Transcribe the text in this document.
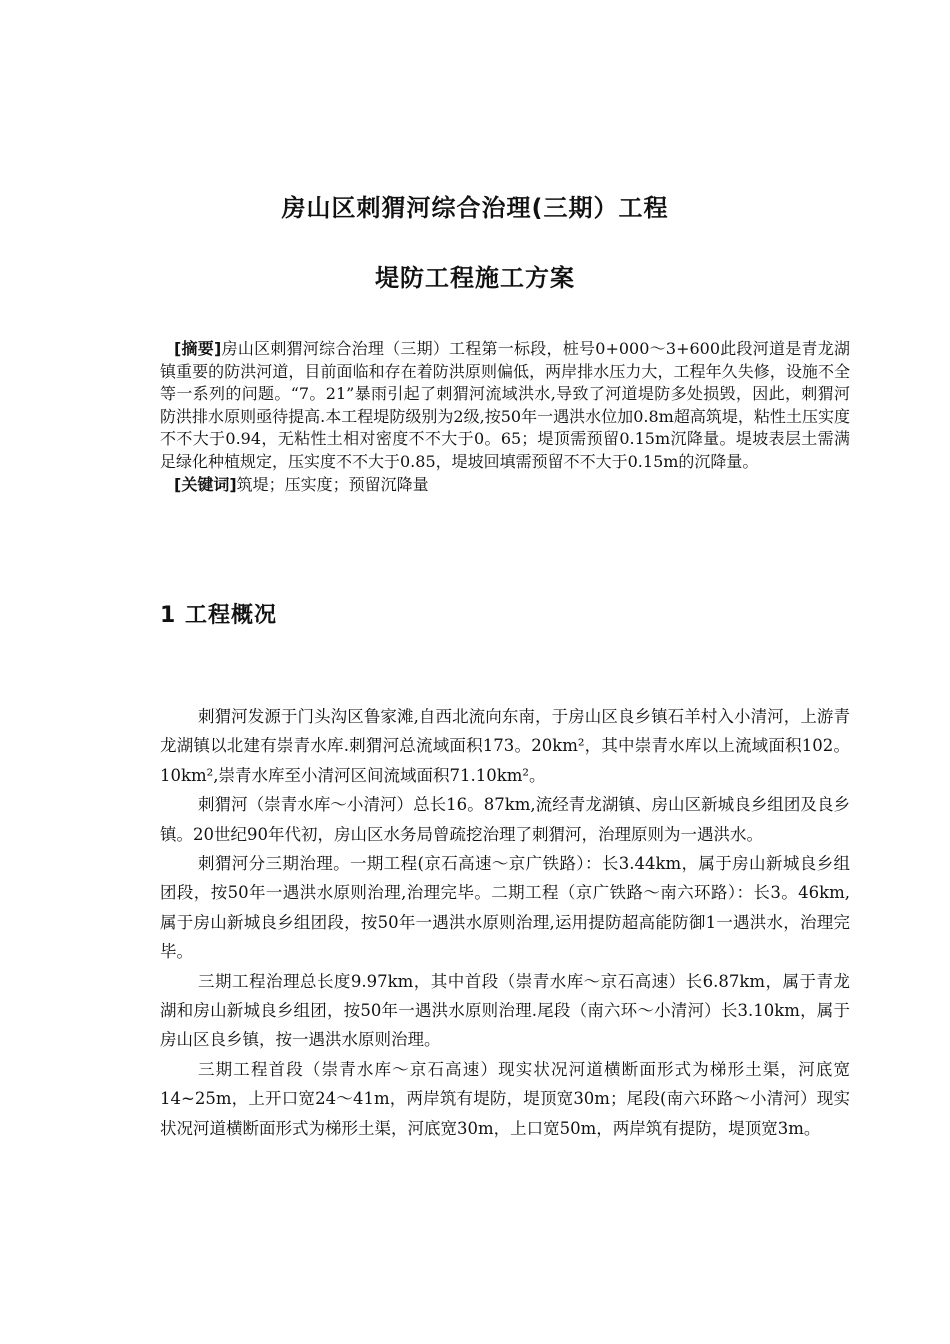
房山区刺猬河综合治理(三期）工程
堤防工程施工方案

[摘要]房山区刺猬河综合治理（三期）工程第一标段，桩号0+000～3+600此段河道是青龙湖镇重要的防洪河道，目前面临和存在着防洪原则偏低，两岸排水压力大，工程年久失修，设施不全等一系列的问题。“7。21”暴雨引起了刺猬河流域洪水,导致了河道堤防多处损毁，因此，刺猬河防洪排水原则亟待提高.本工程堤防级别为2级,按50年一遇洪水位加0.8m超高筑堤，粘性土压实度不不大于0.94，无粘性土相对密度不不大于0。65；堤顶需预留0.15m沉降量。堤坡表层土需满足绿化种植规定，压实度不不大于0.85，堤坡回填需预留不不大于0.15m的沉降量。

[关键词]筑堤；压实度；预留沉降量

1 工程概况

刺猬河发源于门头沟区鲁家滩,自西北流向东南，于房山区良乡镇石羊村入小清河，上游青龙湖镇以北建有崇青水库.刺猬河总流域面积173。20km²，其中崇青水库以上流域面积102。10km²,崇青水库至小清河区间流域面积71.10km²。

刺猬河（崇青水库～小清河）总长16。87km,流经青龙湖镇、房山区新城良乡组团及良乡镇。20世纪90年代初，房山区水务局曾疏挖治理了刺猬河，治理原则为一遇洪水。

刺猬河分三期治理。一期工程(京石高速～京广铁路）：长3.44km，属于房山新城良乡组团段，按50年一遇洪水原则治理,治理完毕。二期工程（京广铁路～南六环路）：长3。46km,属于房山新城良乡组团段，按50年一遇洪水原则治理,运用提防超高能防御1一遇洪水，治理完毕。

三期工程治理总长度9.97km，其中首段（崇青水库～京石高速）长6.87km，属于青龙湖和房山新城良乡组团，按50年一遇洪水原则治理.尾段（南六环～小清河）长3.10km，属于房山区良乡镇，按一遇洪水原则治理。

三期工程首段（崇青水库～京石高速）现实状况河道横断面形式为梯形土渠，河底宽14~25m，上开口宽24～41m，两岸筑有堤防，堤顶宽30m；尾段(南六环路～小清河）现实状况河道横断面形式为梯形土渠，河底宽30m，上口宽50m，两岸筑有提防，堤顶宽3m。
